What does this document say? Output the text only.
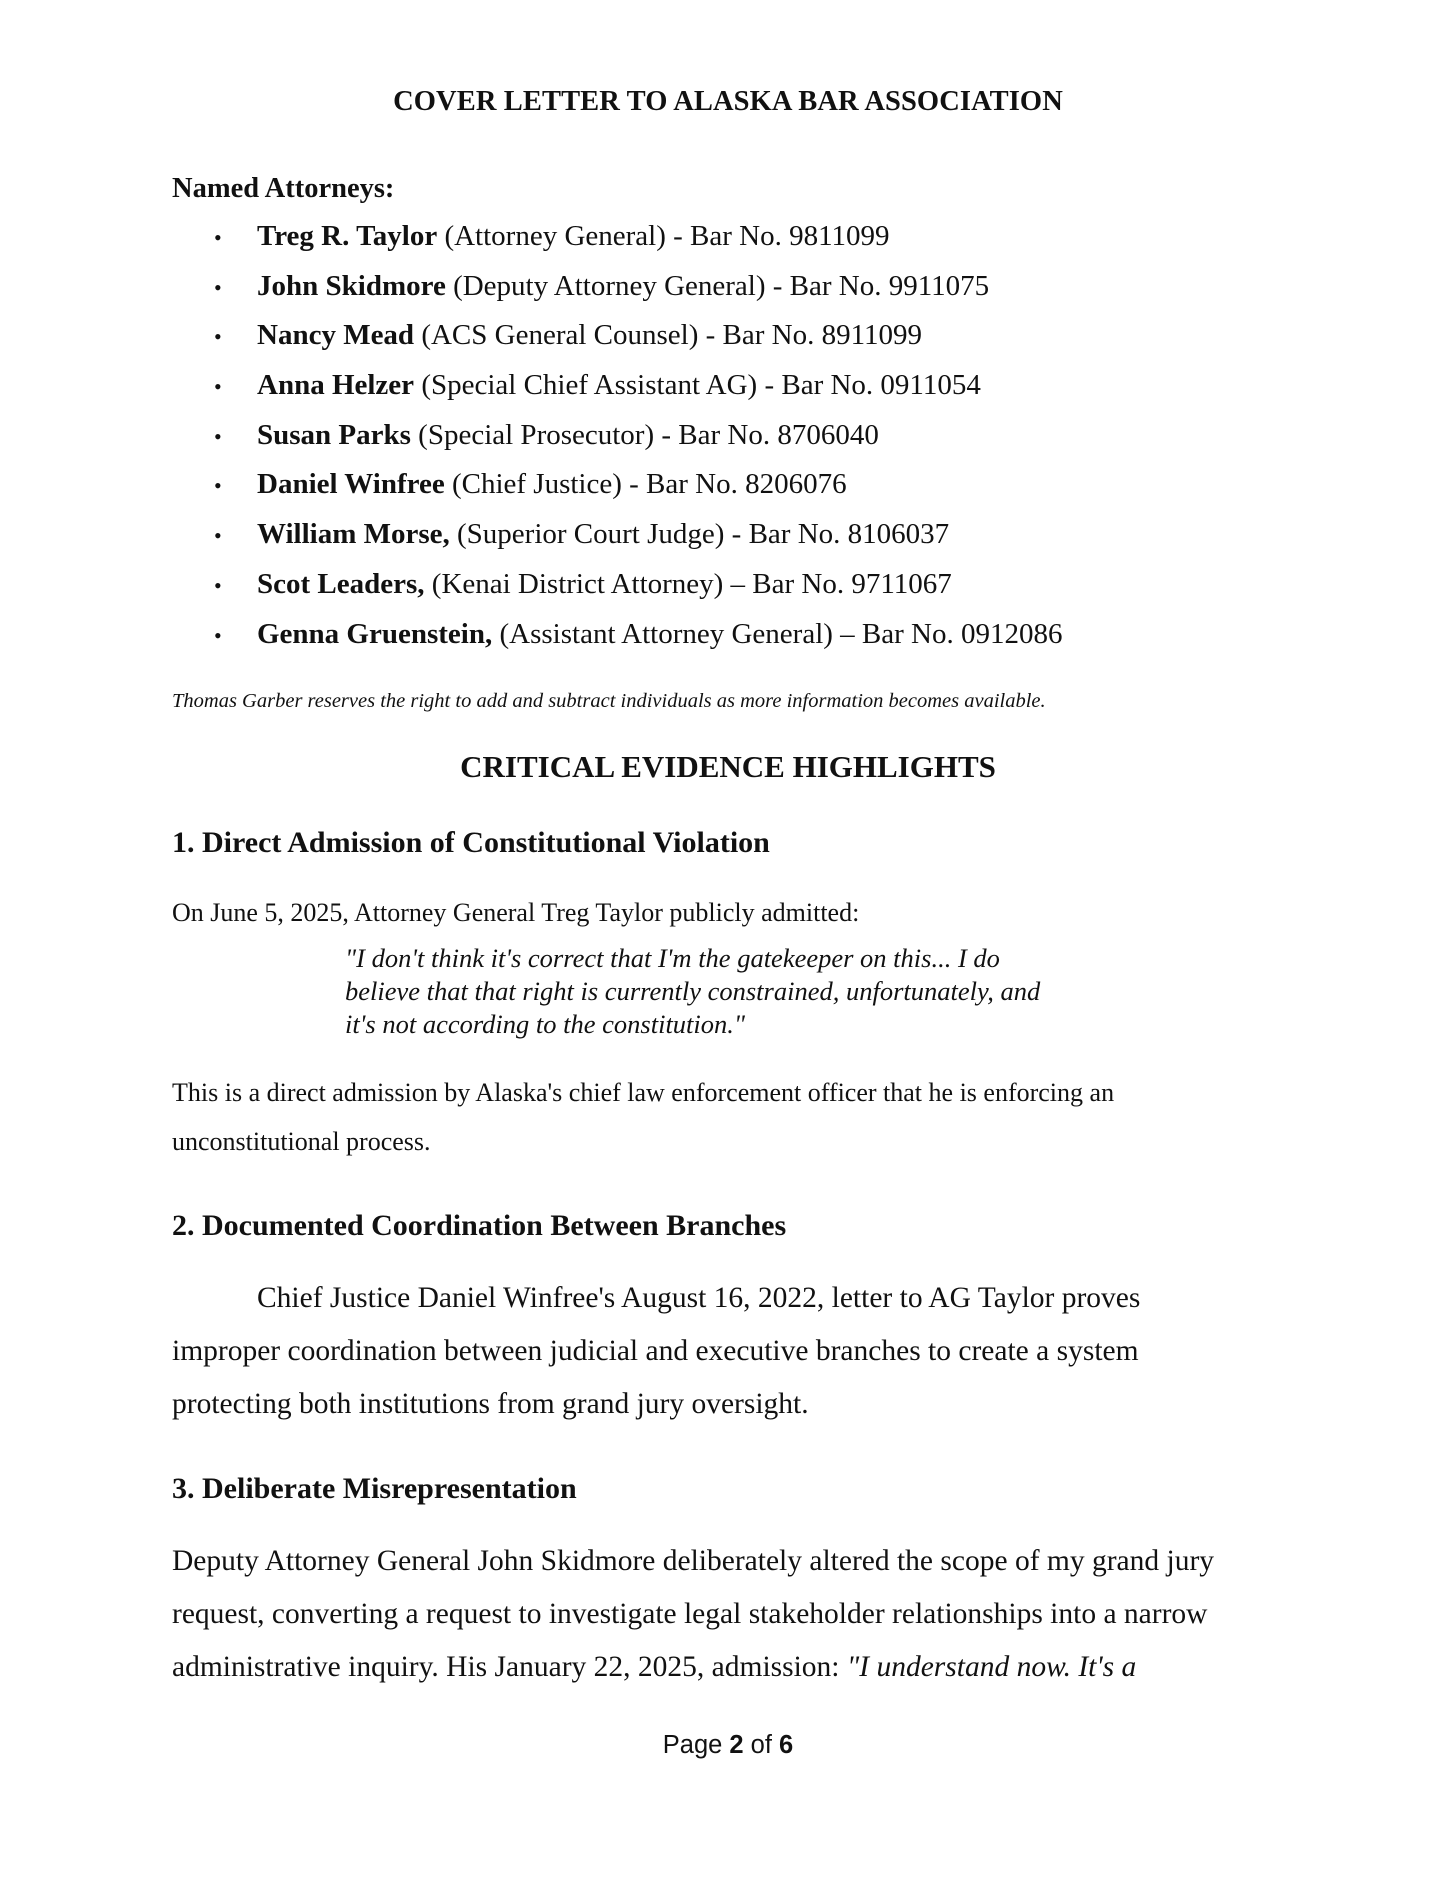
COVER LETTER TO ALASKA BAR ASSOCIATION
Named Attorneys:
• Treg R. Taylor (Attorney General) - Bar No. 9811099
• John Skidmore (Deputy Attorney General) - Bar No. 9911075
• Nancy Mead (ACS General Counsel) - Bar No. 8911099
• Anna Helzer (Special Chief Assistant AG) - Bar No. 0911054
• Susan Parks (Special Prosecutor) - Bar No. 8706040
• Daniel Winfree (Chief Justice) - Bar No. 8206076
• William Morse, (Superior Court Judge) - Bar No. 8106037
• Scot Leaders, (Kenai District Attorney) – Bar No. 9711067
• Genna Gruenstein, (Assistant Attorney General) – Bar No. 0912086
Thomas Garber reserves the right to add and subtract individuals as more information becomes available.
CRITICAL EVIDENCE HIGHLIGHTS
1. Direct Admission of Constitutional Violation
On June 5, 2025, Attorney General Treg Taylor publicly admitted:
"I don't think it's correct that I'm the gatekeeper on this... I do
believe that that right is currently constrained, unfortunately, and
it's not according to the constitution."
This is a direct admission by Alaska's chief law enforcement officer that he is enforcing an
unconstitutional process.
2. Documented Coordination Between Branches
Chief Justice Daniel Winfree's August 16, 2022, letter to AG Taylor proves
improper coordination between judicial and executive branches to create a system
protecting both institutions from grand jury oversight.
3. Deliberate Misrepresentation
Deputy Attorney General John Skidmore deliberately altered the scope of my grand jury
request, converting a request to investigate legal stakeholder relationships into a narrow
administrative inquiry. His January 22, 2025, admission: "I understand now. It's a
Page 2 of 6
